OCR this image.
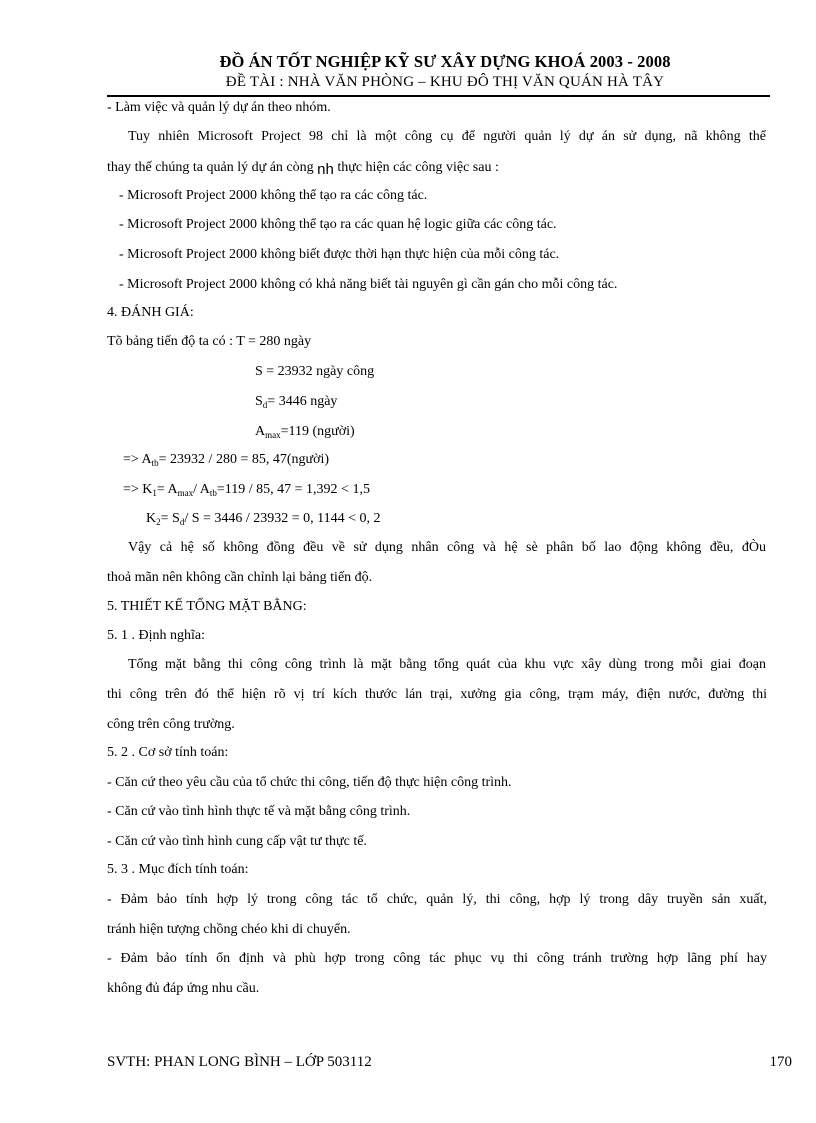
ĐỒ ÁN TỐT NGHIỆP KỸ SƯ XÂY DỰNG KHOÁ 2003 - 2008
ĐỀ TÀI : NHÀ VĂN PHÒNG – KHU ĐÔ THỊ VĂN QUÁN HÀ TÂY
- Làm việc và quản lý dự án theo nhóm.
Tuy nhiên Microsoft Project 98 chỉ là một công cụ để người quản lý dự án sử dụng, nã không thể
thay thế chúng ta quản lý dự án còng nh thực hiện các công việc sau :
- Microsoft Project 2000 không thể tạo ra các công tác.
- Microsoft Project 2000 không thể tạo ra các quan hệ logic giữa các công tác.
- Microsoft Project 2000 không biết được thời hạn thực hiện của mỗi công tác.
- Microsoft Project 2000 không có khả năng biết tài nguyên gì cần gán cho mỗi công tác.
4. ĐÁNH GIÁ:
Tõ bảng tiến độ ta có : T = 280 ngày
S = 23932 ngày công
$S_d= 3446$ ngày
$A_{max}=119$ (người)
=> $A_{tb}= 23932 / 280 = 85$, 47(người)
=> $K_1= A_{max}/$ $A_{tb}=119 / 85$, 47 = 1,392 < 1,5
$K_2= S_d/$ S = 3446 / 23932 = 0, 1144 < 0, 2
Vậy cả hệ số không đồng đều về sử dụng nhân công và hệ sè phân bố lao động không đều, đÒu
thoả mãn nên không cần chỉnh lại bảng tiến độ.
5. THIẾT KẾ TỔNG MẶT BẰNG:
5. 1 . Định nghĩa:
Tổng mặt bằng thi công công trình là mặt bằng tổng quát của khu vực xây dùng trong mỗi giai đoạn
thi công trên đó thể hiện rõ vị trí kích thước lán trại, xưởng gia công, trạm máy, điện nước, đường thi
công trên công trường.
5. 2 . Cơ sở tính toán:
- Căn cứ theo yêu cầu của tổ chức thi công, tiến độ thực hiện công trình.
- Căn cứ vào tình hình thực tế và mặt bằng công trình.
- Căn cứ vào tình hình cung cấp vật tư thực tế.
5. 3 . Mục đích tính toán:
- Đảm bảo tính hợp lý trong công tác tổ chức, quản lý, thi công, hợp lý trong dây truyền sản xuất,
tránh hiện tượng chồng chéo khi di chuyển.
- Đảm bảo tính ổn định và phù hợp trong công tác phục vụ thi công tránh trường hợp lãng phí hay
không đủ đáp ứng nhu cầu.
SVTH: PHAN LONG BÌNH – LỚP 503112	170
